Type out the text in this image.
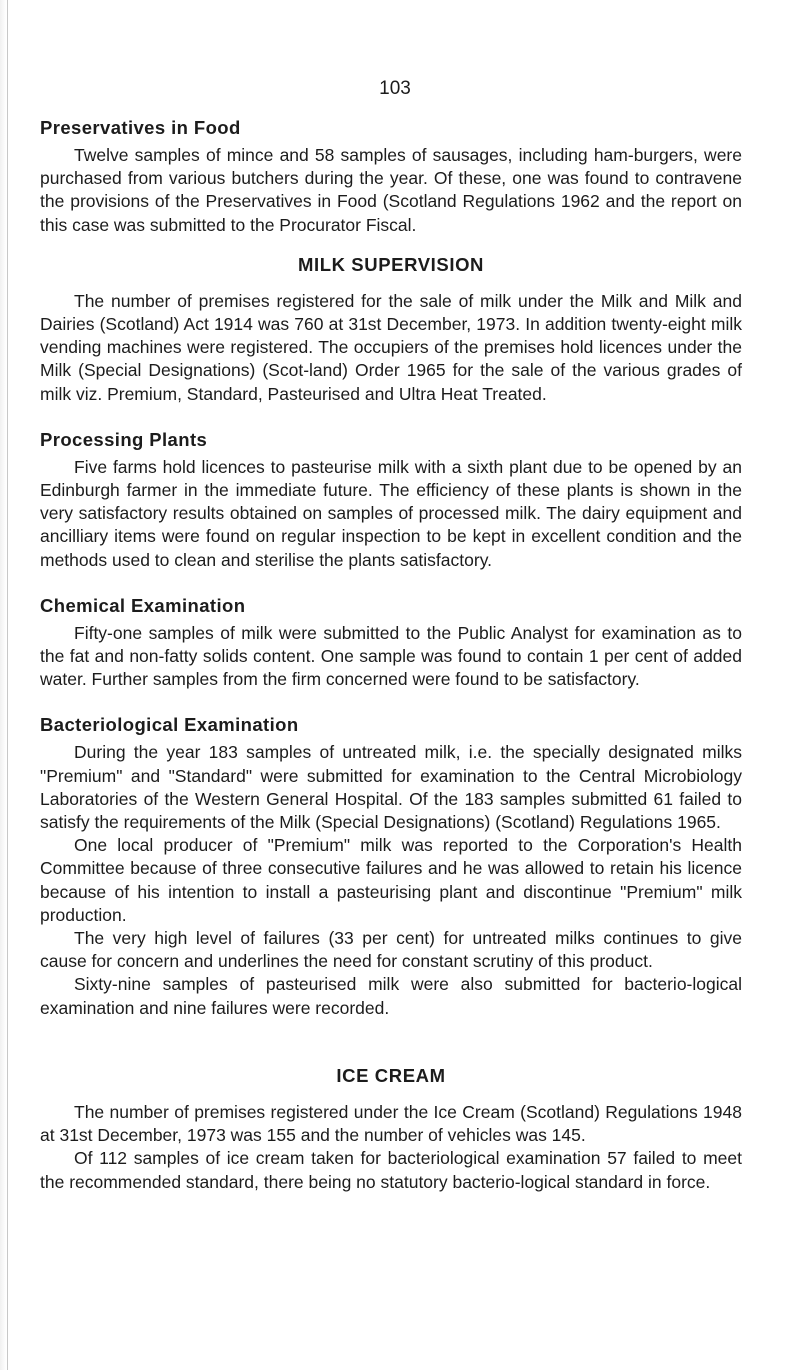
103
Preservatives in Food

Twelve samples of mince and 58 samples of sausages, including ham-burgers, were purchased from various butchers during the year. Of these, one was found to contravene the provisions of the Preservatives in Food (Scotland Regulations 1962 and the report on this case was submitted to the Procurator Fiscal.

MILK SUPERVISION

The number of premises registered for the sale of milk under the Milk and Milk and Dairies (Scotland) Act 1914 was 760 at 31st December, 1973. In addition twenty-eight milk vending machines were registered. The occupiers of the premises hold licences under the Milk (Special Designations) (Scot-land) Order 1965 for the sale of the various grades of milk viz. Premium, Standard, Pasteurised and Ultra Heat Treated.

Processing Plants

Five farms hold licences to pasteurise milk with a sixth plant due to be opened by an Edinburgh farmer in the immediate future. The efficiency of these plants is shown in the very satisfactory results obtained on samples of processed milk. The dairy equipment and ancilliary items were found on regular inspection to be kept in excellent condition and the methods used to clean and sterilise the plants satisfactory.

Chemical Examination

Fifty-one samples of milk were submitted to the Public Analyst for examination as to the fat and non-fatty solids content. One sample was found to contain 1 per cent of added water. Further samples from the firm concerned were found to be satisfactory.

Bacteriological Examination

During the year 183 samples of untreated milk, i.e. the specially designated milks "Premium" and "Standard" were submitted for examination to the Central Microbiology Laboratories of the Western General Hospital. Of the 183 samples submitted 61 failed to satisfy the requirements of the Milk (Special Designations) (Scotland) Regulations 1965.

One local producer of "Premium" milk was reported to the Corporation's Health Committee because of three consecutive failures and he was allowed to retain his licence because of his intention to install a pasteurising plant and discontinue "Premium" milk production.

The very high level of failures (33 per cent) for untreated milks continues to give cause for concern and underlines the need for constant scrutiny of this product.

Sixty-nine samples of pasteurised milk were also submitted for bacterio-logical examination and nine failures were recorded.

ICE CREAM

The number of premises registered under the Ice Cream (Scotland) Regulations 1948 at 31st December, 1973 was 155 and the number of vehicles was 145.

Of 112 samples of ice cream taken for bacteriological examination 57 failed to meet the recommended standard, there being no statutory bacterio-logical standard in force.
